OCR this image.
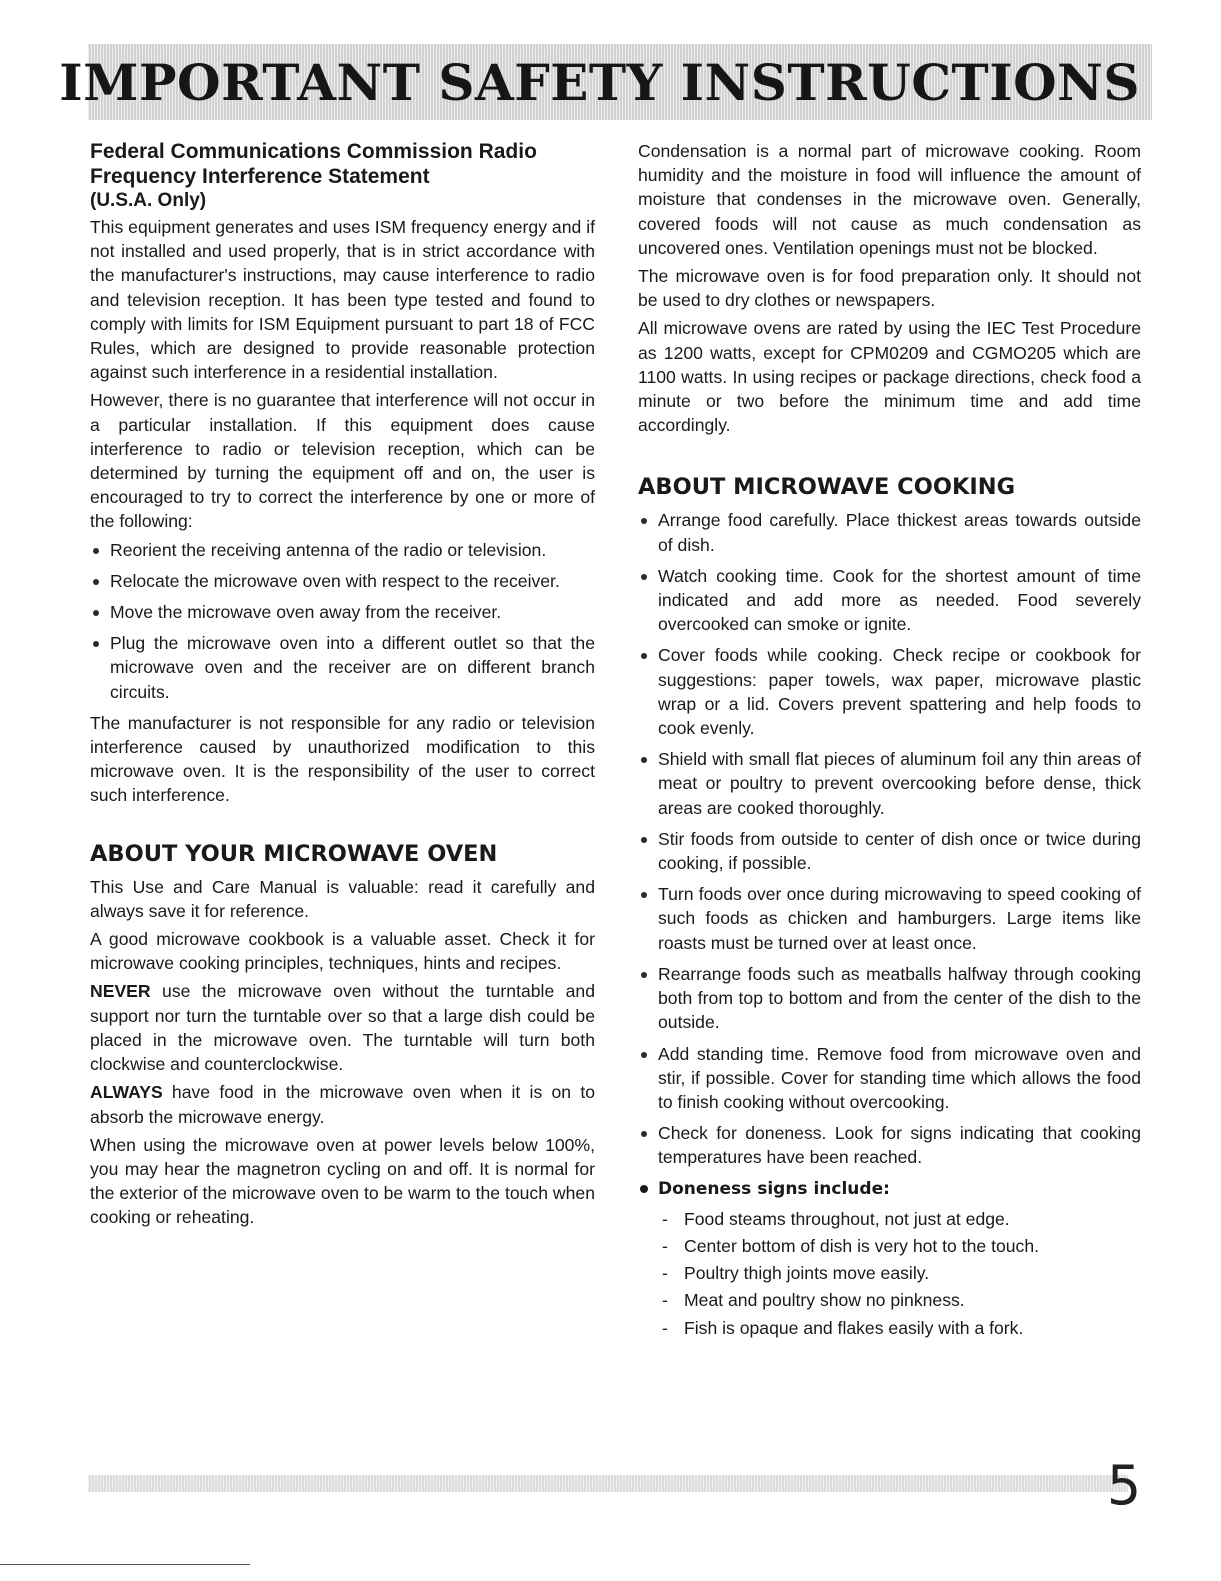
IMPORTANT SAFETY INSTRUCTIONS
Federal Communications Commission Radio Frequency Interference Statement
(U.S.A. Only)

This equipment generates and uses ISM frequency energy and if not installed and used properly, that is in strict accordance with the manufacturer's instructions, may cause interference to radio and television reception. It has been type tested and found to comply with limits for ISM Equipment pursuant to part 18 of FCC Rules, which are designed to provide reasonable protection against such interference in a residential installation.

However, there is no guarantee that interference will not occur in a particular installation. If this equipment does cause interference to radio or television reception, which can be determined by turning the equipment off and on, the user is encouraged to try to correct the interference by one or more of the following:

Reorient the receiving antenna of the radio or television.
Relocate the microwave oven with respect to the receiver.
Move the microwave oven away from the receiver.
Plug the microwave oven into a different outlet so that the microwave oven and the receiver are on different branch circuits.

The manufacturer is not responsible for any radio or television interference caused by unauthorized modification to this microwave oven. It is the responsibility of the user to correct such interference.

ABOUT YOUR MICROWAVE OVEN

This Use and Care Manual is valuable: read it carefully and always save it for reference.

A good microwave cookbook is a valuable asset. Check it for microwave cooking principles, techniques, hints and recipes.

NEVER use the microwave oven without the turntable and support nor turn the turntable over so that a large dish could be placed in the microwave oven. The turntable will turn both clockwise and counterclockwise.

ALWAYS have food in the microwave oven when it is on to absorb the microwave energy.

When using the microwave oven at power levels below 100%, you may hear the magnetron cycling on and off. It is normal for the exterior of the microwave oven to be warm to the touch when cooking or reheating.

Condensation is a normal part of microwave cooking. Room humidity and the moisture in food will influence the amount of moisture that condenses in the microwave oven. Generally, covered foods will not cause as much condensation as uncovered ones. Ventilation openings must not be blocked.

The microwave oven is for food preparation only. It should not be used to dry clothes or newspapers.

All microwave ovens are rated by using the IEC Test Procedure as 1200 watts, except for CPM0209 and CGMO205 which are 1100 watts. In using recipes or package directions, check food a minute or two before the minimum time and add time accordingly.

ABOUT MICROWAVE COOKING
Arrange food carefully. Place thickest areas towards outside of dish.
Watch cooking time. Cook for the shortest amount of time indicated and add more as needed. Food severely overcooked can smoke or ignite.
Cover foods while cooking. Check recipe or cookbook for suggestions: paper towels, wax paper, microwave plastic wrap or a lid. Covers prevent spattering and help foods to cook evenly.
Shield with small flat pieces of aluminum foil any thin areas of meat or poultry to prevent overcooking before dense, thick areas are cooked thoroughly.
Stir foods from outside to center of dish once or twice during cooking, if possible.
Turn foods over once during microwaving to speed cooking of such foods as chicken and hamburgers. Large items like roasts must be turned over at least once.
Rearrange foods such as meatballs halfway through cooking both from top to bottom and from the center of the dish to the outside.
Add standing time. Remove food from microwave oven and stir, if possible. Cover for standing time which allows the food to finish cooking without overcooking.
Check for doneness. Look for signs indicating that cooking temperatures have been reached.
Doneness signs include:
- Food steams throughout, not just at edge.
- Center bottom of dish is very hot to the touch.
- Poultry thigh joints move easily.
- Meat and poultry show no pinkness.
- Fish is opaque and flakes easily with a fork.
5
